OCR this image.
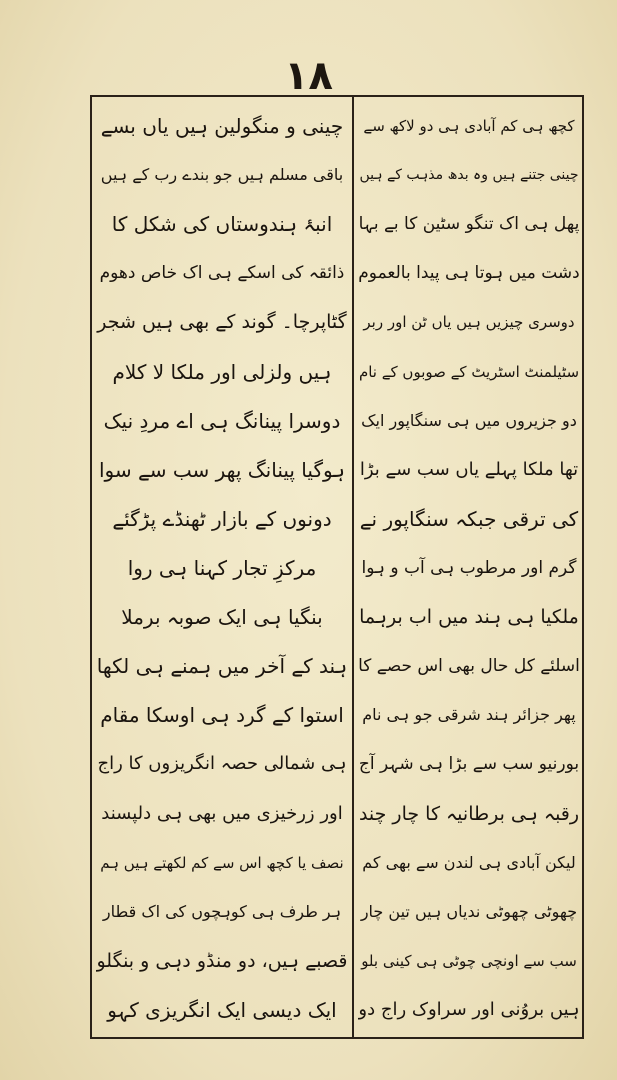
۱۸
کچھ ہی کم آبادی ہی دو لاکھ سے
چینی جتنے ہیں وہ بدھ مذہب کے ہیں
پھل ہی اک تنگو سٹین کا بے بہا
دشت میں ہوتا ہی پیدا بالعموم
دوسری چیزیں ہیں یاں ٹن اور ربر
سٹیلمنٹ اسٹریٹ کے صوبوں کے نام
دو جزیروں میں ہی سنگاپور ایک
تھا ملکا پہلے یاں سب سے بڑا
کی ترقی جبکہ سنگاپور نے
گرم اور مرطوب ہی آب و ہوا
ملکیا ہی ہند میں اب برہما
اسلئے کل حال بھی اس حصے کا
پھر جزائر ہند شرقی جو ہی نام
بورنیو سب سے بڑا ہی شہر آج
رقبہ ہی برطانیہ کا چار چند
لیکن آبادی ہی لندن سے بھی کم
چھوٹی چھوٹی ندیاں ہیں تین چار
سب سے اونچی چوٹی ہی کینی بلو
ہیں بروُنی اور سراوک راج دو
چینی و منگولین ہیں یاں بسے
باقی مسلم ہیں جو بندے رب کے ہیں
انبۂ ہندوستاں کی شکل کا
ذائقہ کی اسکے ہی اک خاص دھوم
گٹاپرچا۔ گوند کے بھی ہیں شجر
ہیں ولزلی اور ملکا لا کلام
دوسرا پینانگ ہی اے مردِ نیک
ہوگیا پینانگ پھر سب سے سوا
دونوں کے بازار ٹھنڈے پڑگئے
مرکزِ تجار کہنا ہی روا
بنگیا ہی ایک صوبہ برملا
ہند کے آخر میں ہمنے ہی لکھا
استوا کے گرد ہی اوسکا مقام
ہی شمالی حصہ انگریزوں کا راج
اور زرخیزی میں بھی ہی دلپسند
نصف یا کچھ اس سے کم لکھتے ہیں ہم
ہر طرف ہی کوہچوں کی اک قطار
قصبے ہیں، دو منڈو دہی و بنگلو
ایک دیسی ایک انگریزی کہو
